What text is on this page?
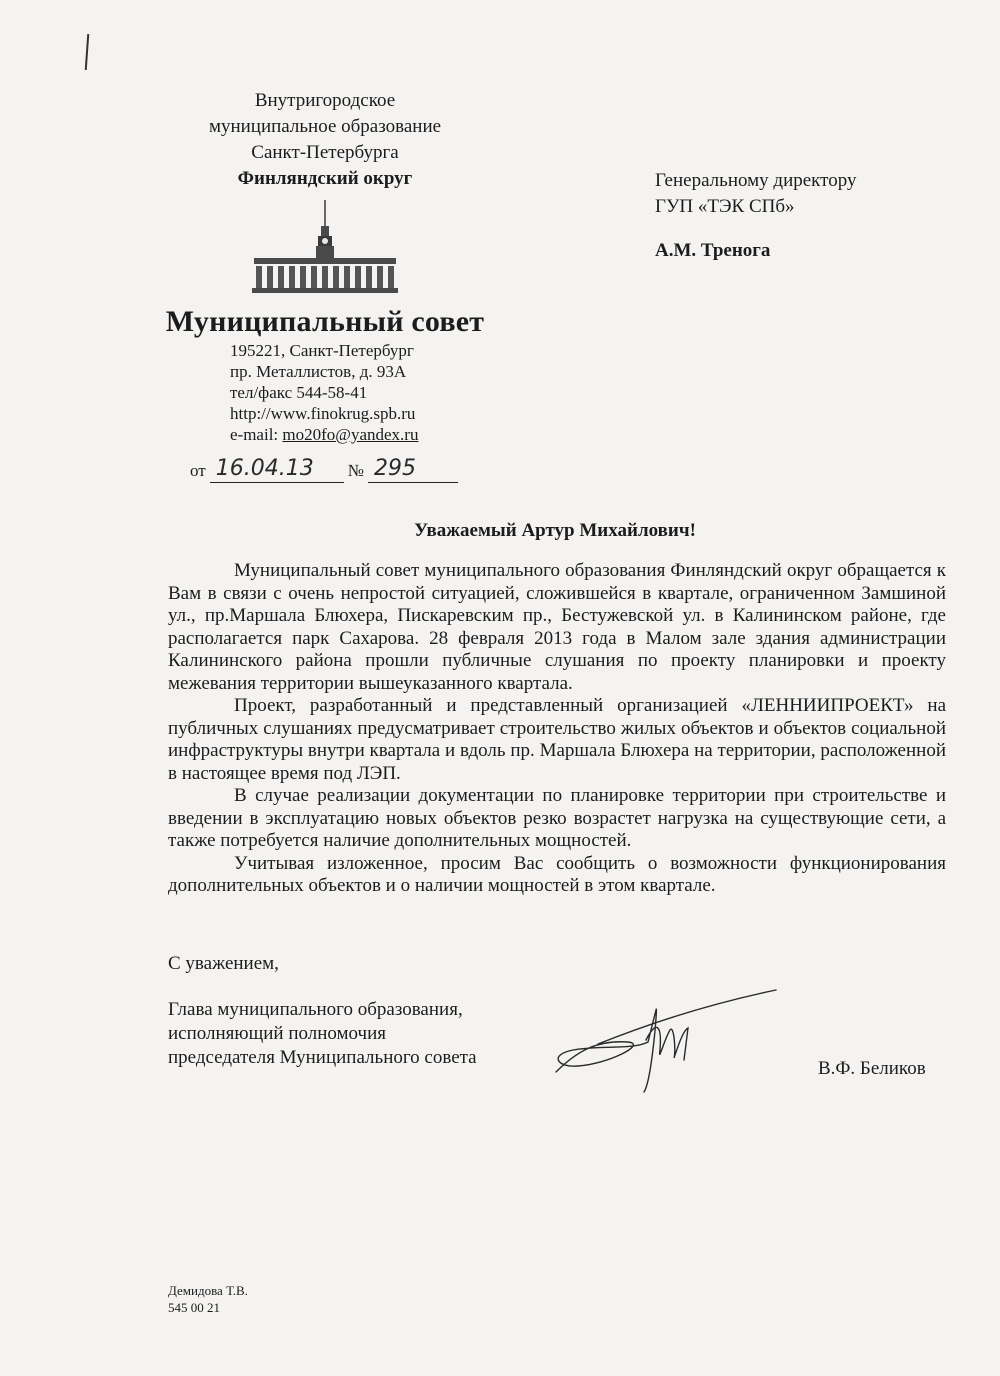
Внутригородское
муниципальное образование
Санкт-Петербурга
Финляндский округ
Муниципальный совет
195221, Санкт-Петербург
пр. Металлистов, д. 93А
тел/факс 544-58-41
http://www.finokrug.spb.ru
e-mail: mo20fo@yandex.ru
Генеральному директору
ГУП «ТЭК СПб»
А.М. Тренога
от 16.04.13	№ 295
Уважаемый Артур Михайлович!

Муниципальный совет муниципального образования Финляндский округ обращается к Вам в связи с очень непростой ситуацией, сложившейся в квартале, ограниченном Замшиной ул., пр.Маршала Блюхера, Пискаревским пр., Бестужевской ул. в Калининском районе, где располагается парк Сахарова. 28 февраля 2013 года в Малом зале здания администрации Калининского района прошли публичные слушания по проекту планировки и проекту межевания территории вышеуказанного квартала.

Проект, разработанный и представленный организацией «ЛЕННИИПРОЕКТ» на публичных слушаниях предусматривает строительство жилых объектов и объектов социальной инфраструктуры внутри квартала и вдоль пр. Маршала Блюхера на территории, расположенной в настоящее время под ЛЭП.

В случае реализации документации по планировке территории при строительстве и введении в эксплуатацию новых объектов резко возрастет нагрузка на существующие сети, а также потребуется наличие дополнительных мощностей.

Учитывая изложенное, просим Вас сообщить о возможности функционирования дополнительных объектов и о наличии мощностей в этом квартале.

С уважением,
Глава муниципального образования,
исполняющий полномочия
председателя Муниципального совета
В.Ф. Беликов
Демидова Т.В.
545 00 21
